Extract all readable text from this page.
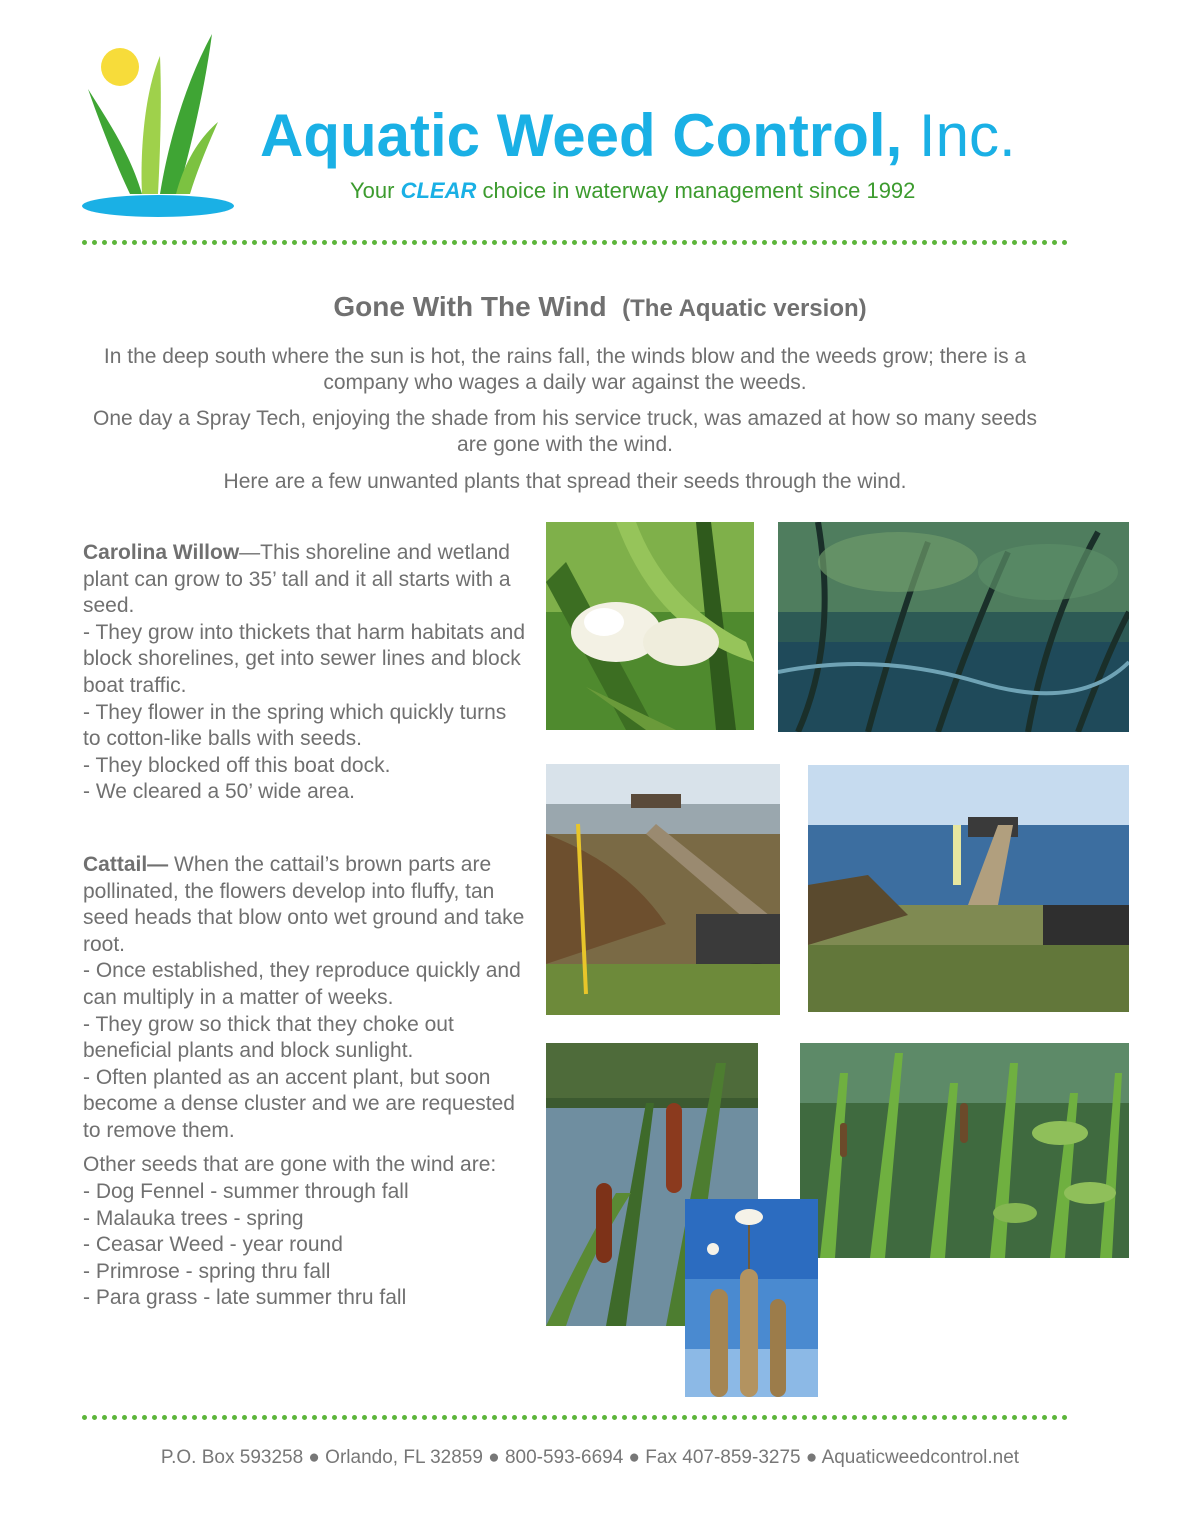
Aquatic Weed Control, Inc.
Your CLEAR choice in waterway management since 1992
Gone With The Wind (The Aquatic version)
In the deep south where the sun is hot, the rains fall, the winds blow and the weeds grow; there is a company who wages a daily war against the weeds.
One day a Spray Tech, enjoying the shade from his service truck, was amazed at how so many seeds are gone with the wind.
Here are a few unwanted plants that spread their seeds through the wind.

Carolina Willow—This shoreline and wetland plant can grow to 35’ tall and it all starts with a seed.

- They grow into thickets that harm habitats and block shorelines, get into sewer lines and block boat traffic.

- They flower in the spring which quickly turns to cotton-like balls with seeds.

- They blocked off this boat dock.

- We cleared a 50’ wide area.

Cattail— When the cattail’s brown parts are pollinated, the flowers develop into fluffy, tan seed heads that blow onto wet ground and take root.

- Once established, they reproduce quickly and can multiply in a matter of weeks.

- They grow so thick that they choke out beneficial plants and block sunlight.

- Often planted as an accent plant, but soon become a dense cluster and we are requested to remove them.

Other seeds that are gone with the wind are:

- Dog Fennel - summer through fall

- Malauka trees - spring

- Ceasar Weed - year round

- Primrose - spring thru fall

- Para grass - late summer thru fall

P.O. Box 593258 ● Orlando, FL 32859 ● 800-593-6694 ● Fax 407-859-3275 ● Aquaticweedcontrol.net
